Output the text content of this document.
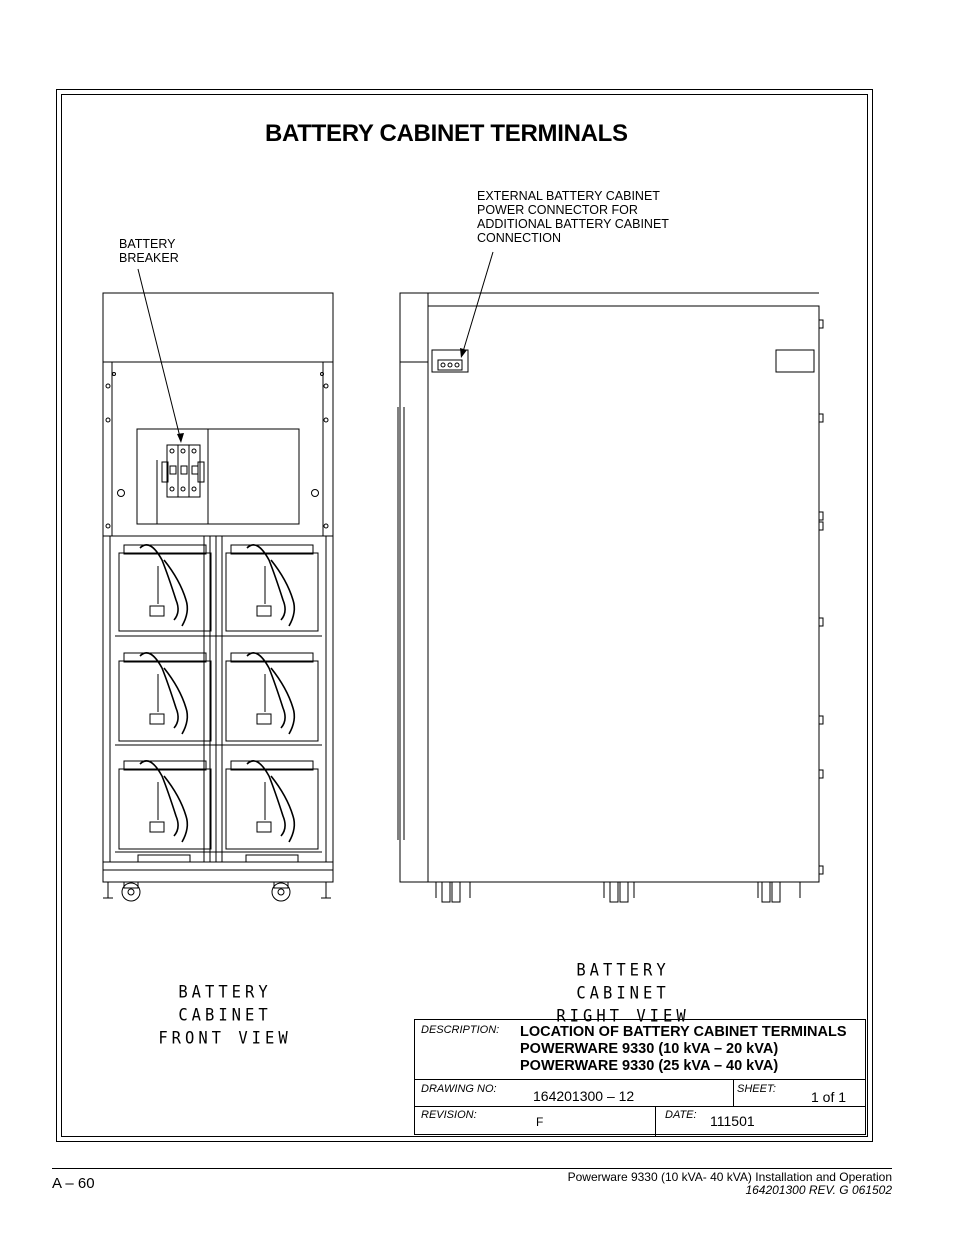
BATTERY CABINET TERMINALS
EXTERNAL BATTERY CABINET
POWER CONNECTOR FOR
ADDITIONAL BATTERY CABINET
CONNECTION
BATTERY
BREAKER
BATTERY CABINET
FRONT VIEW
BATTERY CABINET
RIGHT VIEW
DESCRIPTION: LOCATION OF BATTERY CABINET TERMINALS
POWERWARE 9330 (10 kVA – 20 kVA)
POWERWARE 9330 (25 kVA – 40 kVA)
DRAWING NO:	164201300 – 12	SHEET:	1 of 1
REVISION:	F	DATE: 111501
A – 60	Powerware 9330 (10 kVA- 40 kVA) Installation and Operation
164201300 REV. G 061502
